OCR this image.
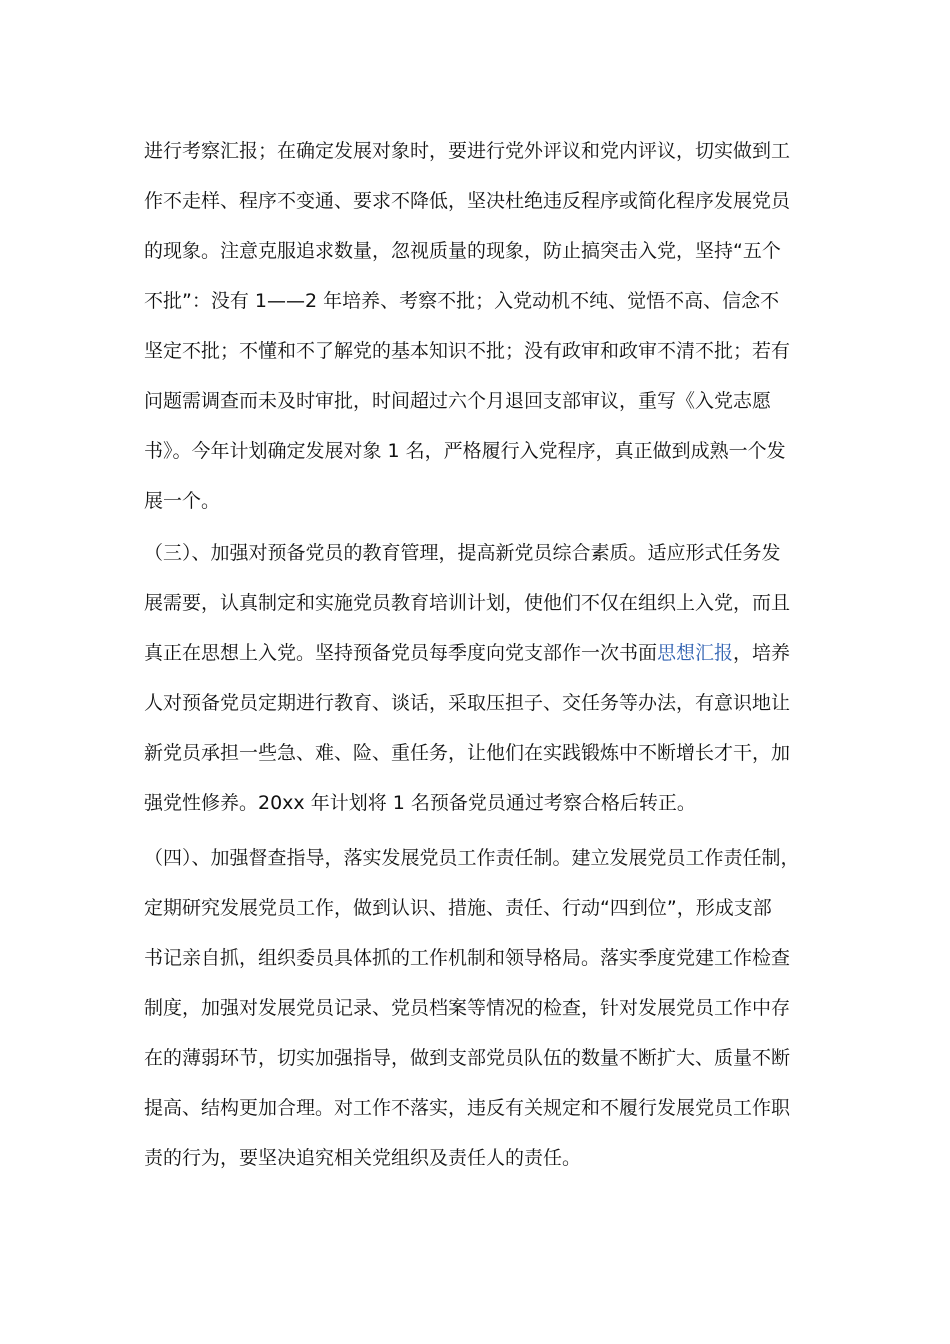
进行考察汇报；在确定发展对象时，要进行党外评议和党内评议，切实做到工
作不走样、程序不变通、要求不降低，坚决杜绝违反程序或简化程序发展党员
的现象。注意克服追求数量，忽视质量的现象，防止搞突击入党，坚持“五个
不批”：没有 1——2 年培养、考察不批；入党动机不纯、觉悟不高、信念不
坚定不批；不懂和不了解党的基本知识不批；没有政审和政审不清不批；若有
问题需调查而未及时审批，时间超过六个月退回支部审议，重写《入党志愿
书》。今年计划确定发展对象 1 名，严格履行入党程序，真正做到成熟一个发
展一个。
（三）、加强对预备党员的教育管理，提高新党员综合素质。适应形式任务发
展需要，认真制定和实施党员教育培训计划，使他们不仅在组织上入党，而且
真正在思想上入党。坚持预备党员每季度向党支部作一次书面思想汇报，培养
人对预备党员定期进行教育、谈话，采取压担子、交任务等办法，有意识地让
新党员承担一些急、难、险、重任务，让他们在实践锻炼中不断增长才干，加
强党性修养。20xx 年计划将 1 名预备党员通过考察合格后转正。
（四）、加强督查指导，落实发展党员工作责任制。建立发展党员工作责任制，
定期研究发展党员工作，做到认识、措施、责任、行动“四到位”，形成支部
书记亲自抓，组织委员具体抓的工作机制和领导格局。落实季度党建工作检查
制度，加强对发展党员记录、党员档案等情况的检查，针对发展党员工作中存
在的薄弱环节，切实加强指导，做到支部党员队伍的数量不断扩大、质量不断
提高、结构更加合理。对工作不落实，违反有关规定和不履行发展党员工作职
责的行为，要坚决追究相关党组织及责任人的责任。
